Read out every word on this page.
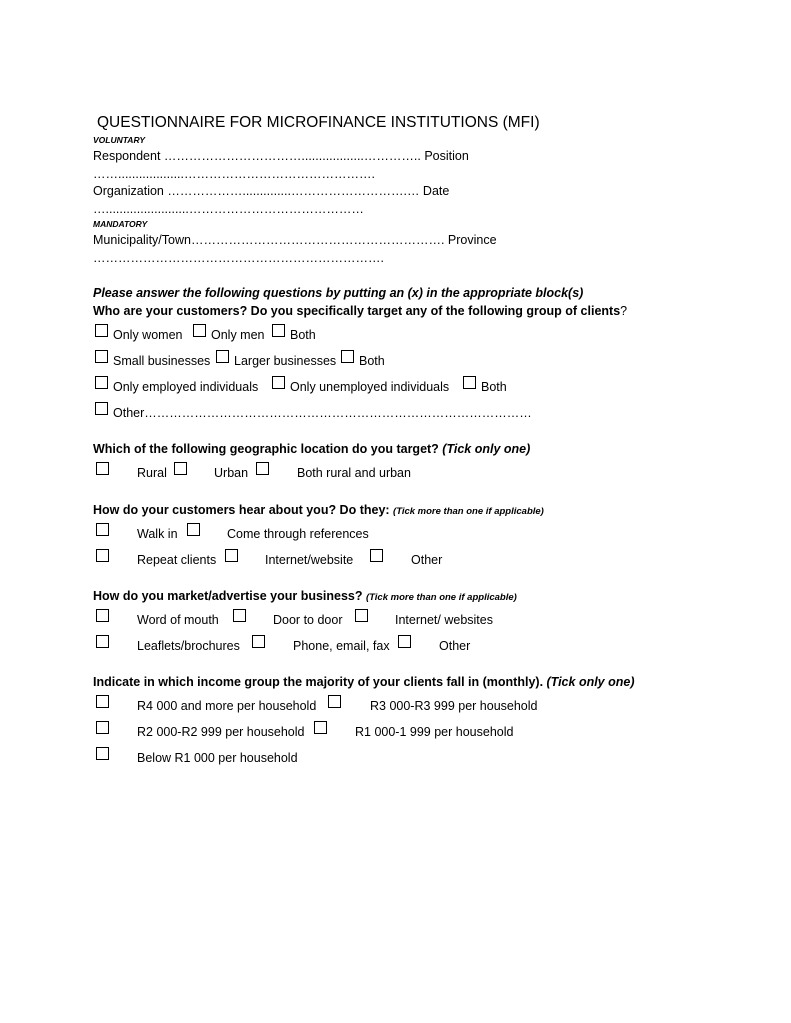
QUESTIONNAIRE FOR MICROFINANCE INSTITUTIONS (MFI)
VOLUNTARY
Respondent ……………………………..................………….. Position
……...................……………………………………….
Organization ………………..............……………………….… Date
…........................……………………………………
MANDATORY
Municipality/Town……………………………………………………. Province
…………………………………………………………….
Please answer the following questions by putting an (x) in the appropriate block(s)
Who are your customers? Do you specifically target any of the following group of clients?
Only women Only men Both
Small businesses Larger businesses Both
Only employed individuals	Only unemployed individuals	Both
Other…………………………………………………………………………………
Which of the following geographic location do you target? (Tick only one)
Rural	Urban	Both rural and urban
How do your customers hear about you? Do they: (Tick more than one if applicable)
Walk in	Come through references
Repeat clients	Internet/website	Other
How do you market/advertise your business? (Tick more than one if applicable)
Word of mouth	Door to door	Internet/ websites
Leaflets/brochures	Phone, email, fax	Other
Indicate in which income group the majority of your clients fall in (monthly). (Tick only one)
R4 000 and more per household	R3 000-R3 999 per household
R2 000-R2 999 per household	R1 000-1 999 per household
Below R1 000 per household
